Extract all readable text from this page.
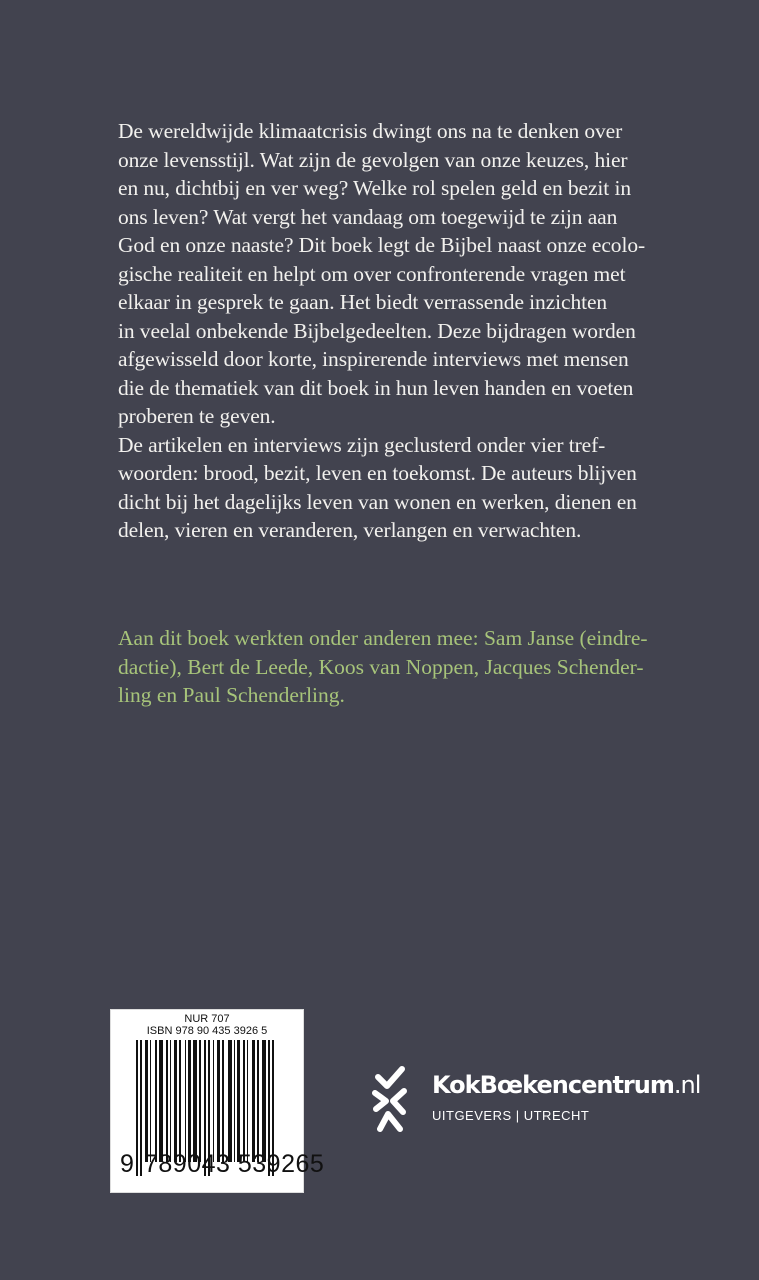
De wereldwijde klimaatcrisis dwingt ons na te denken over
onze levensstijl. Wat zijn de gevolgen van onze keuzes, hier
en nu, dichtbij en ver weg? Welke rol spelen geld en bezit in
ons leven? Wat vergt het vandaag om toegewijd te zijn aan
God en onze naaste? Dit boek legt de Bijbel naast onze ecolo-
gische realiteit en helpt om over confronterende vragen met
elkaar in gesprek te gaan. Het biedt verrassende inzichten
in veelal onbekende Bijbelgedeelten. Deze bijdragen worden
afgewisseld door korte, inspirerende interviews met mensen
die de thematiek van dit boek in hun leven handen en voeten
proberen te geven.
De artikelen en interviews zijn geclusterd onder vier tref-
woorden: brood, bezit, leven en toekomst. De auteurs blijven
dicht bij het dagelijks leven van wonen en werken, dienen en
delen, vieren en veranderen, verlangen en verwachten.
Aan dit boek werkten onder anderen mee: Sam Janse (eindre-
dactie), Bert de Leede, Koos van Noppen, Jacques Schender-
ling en Paul Schenderling.
NUR 707
ISBN 978 90 435 3926 5
9 789043 539265
KokBœkencentrum.nl
UITGEVERS | UTRECHT
